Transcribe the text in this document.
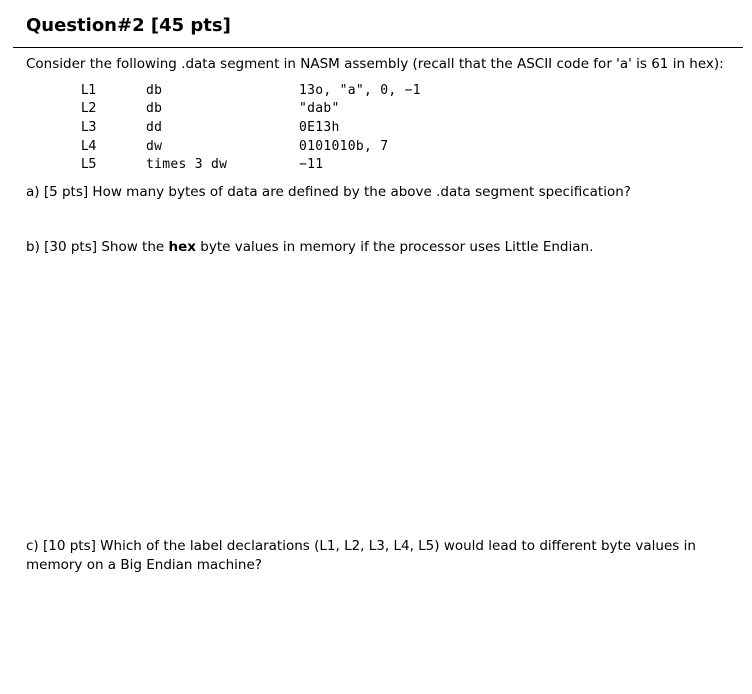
Question#2 [45 pts]
Consider the following .data segment in NASM assembly (recall that the ASCII code for 'a' is 61 in hex):
L1	db	13o, "a", 0, −1
L2	db	"dab"
L3	dd	0E13h
L4	dw	0101010b, 7
L5	times 3 dw	−11
a) [5 pts] How many bytes of data are defined by the above .data segment specification?
b) [30 pts] Show the hex byte values in memory if the processor uses Little Endian.
c) [10 pts] Which of the label declarations (L1, L2, L3, L4, L5) would lead to different byte values in memory on a Big Endian machine?
